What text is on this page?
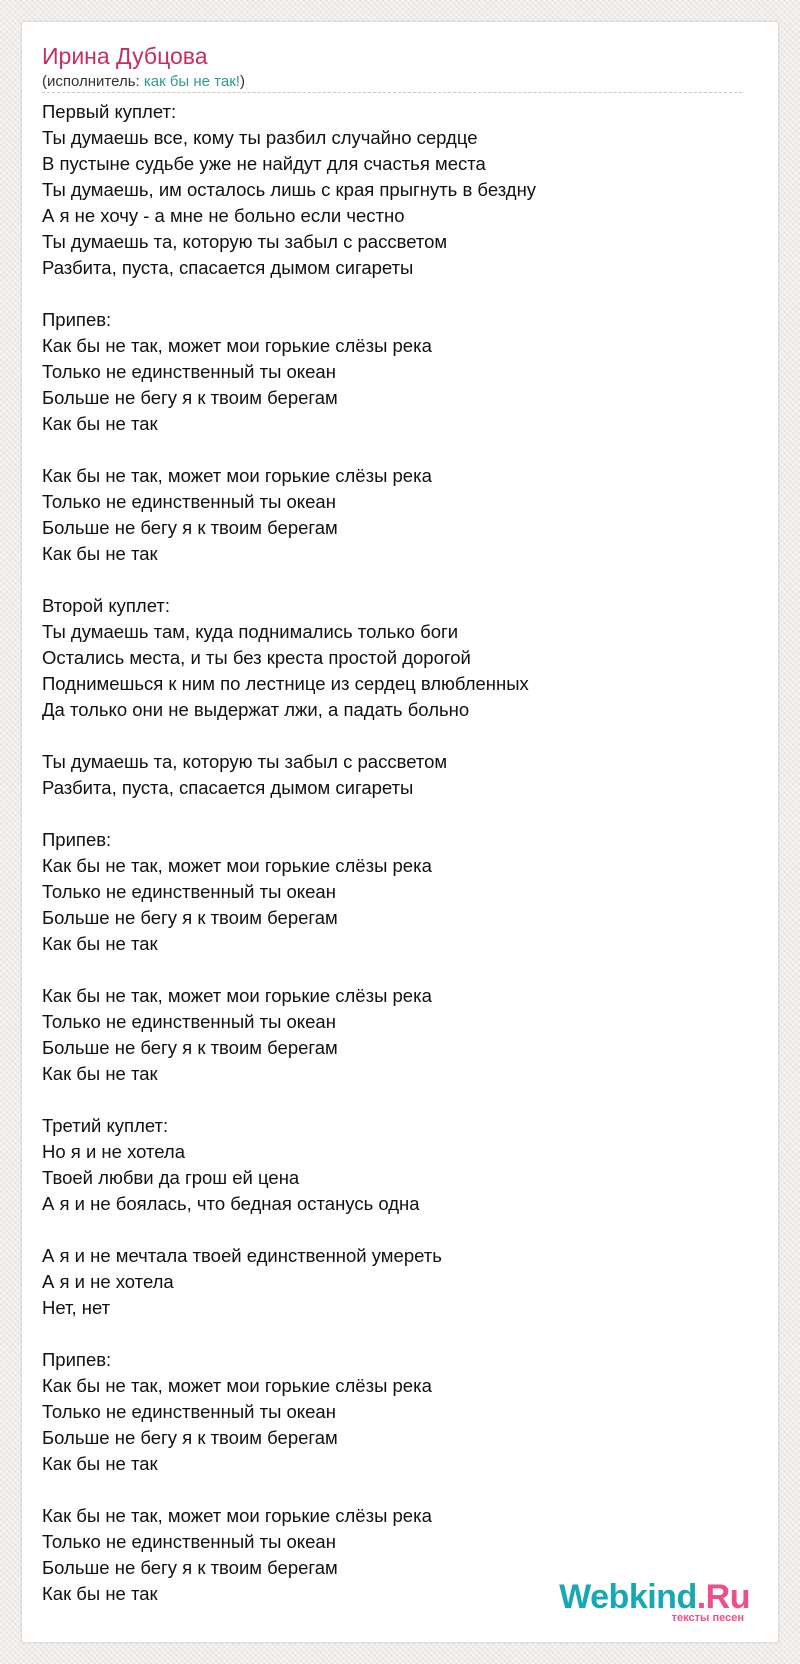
Ирина Дубцова
(исполнитель: как бы не так!)
Первый куплет:
Ты думаешь все, кому ты разбил случайно сердце
В пустыне судьбе уже не найдут для счастья места
Ты думаешь, им осталось лишь с края прыгнуть в бездну
А я не хочу - а мне не больно если честно
Ты думаешь та, которую ты забыл с рассветом
Разбита, пуста, спасается дымом сигареты
Припев:
Как бы не так, может мои горькие слёзы река
Только не единственный ты океан
Больше не бегу я к твоим берегам
Как бы не так
Как бы не так, может мои горькие слёзы река
Только не единственный ты океан
Больше не бегу я к твоим берегам
Как бы не так
Второй куплет:
Ты думаешь там, куда поднимались только боги
Остались места, и ты без креста простой дорогой
Поднимешься к ним по лестнице из сердец влюбленных
Да только они не выдержат лжи, а падать больно
Ты думаешь та, которую ты забыл с рассветом
Разбита, пуста, спасается дымом сигареты
Припев:
Как бы не так, может мои горькие слёзы река
Только не единственный ты океан
Больше не бегу я к твоим берегам
Как бы не так
Как бы не так, может мои горькие слёзы река
Только не единственный ты океан
Больше не бегу я к твоим берегам
Как бы не так
Третий куплет:
Но я и не хотела
Твоей любви да грош ей цена
А я и не боялась, что бедная останусь одна
А я и не мечтала твоей единственной умереть
А я и не хотела
Нет, нет
Припев:
Как бы не так, может мои горькие слёзы река
Только не единственный ты океан
Больше не бегу я к твоим берегам
Как бы не так
Как бы не так, может мои горькие слёзы река
Только не единственный ты океан
Больше не бегу я к твоим берегам
Как бы не так	Webkind.Ru
тексты песен
